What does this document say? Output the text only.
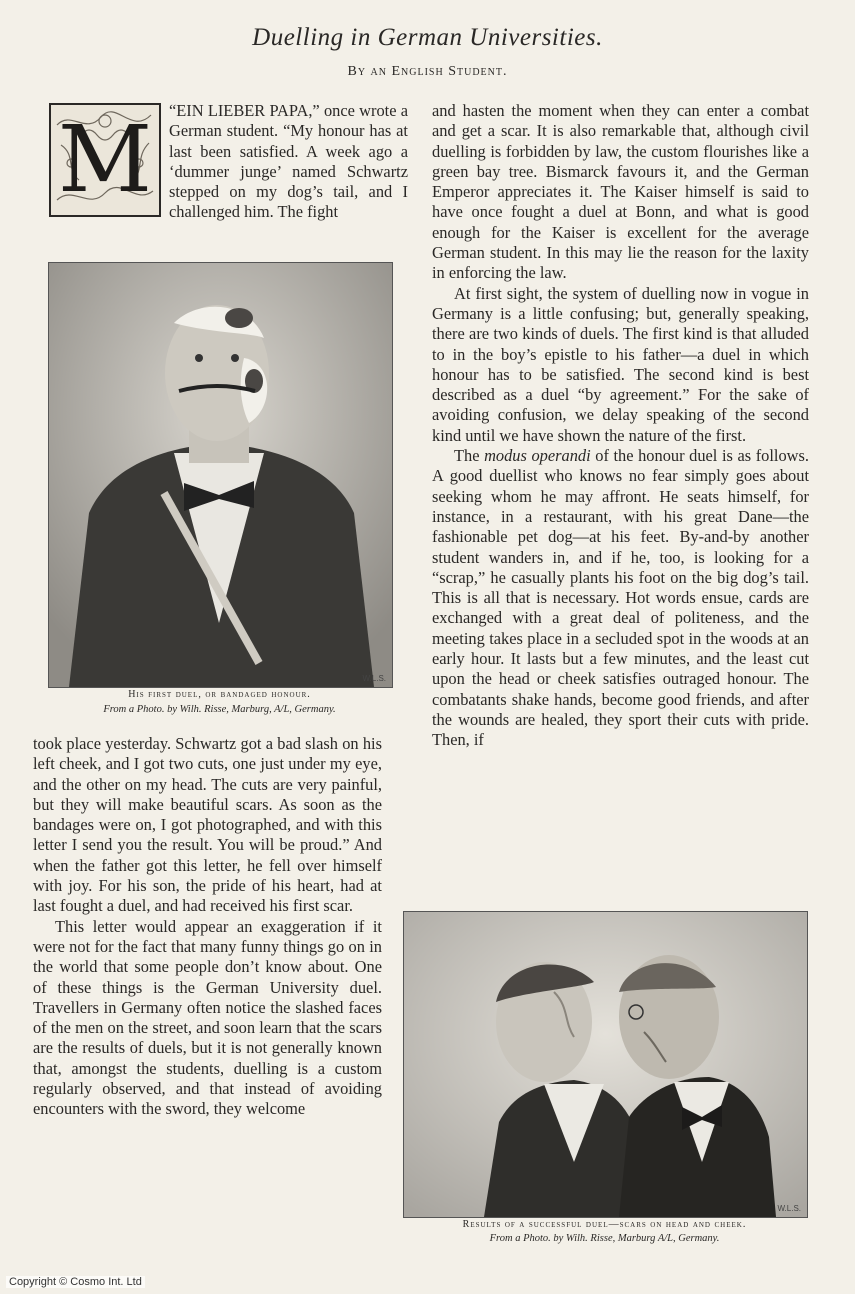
Duelling in German Universities.
By an English Student.
M	“EIN LIEBER PAPA,” once wrote a German student. “My honour has at last been satisfied. A week ago a ‘dummer junge’ named Schwartz stepped on my dog’s tail, and I challenged him. The fight

W.L.S.
His first duel, or bandaged honour.
From a Photo. by Wilh. Risse, Marburg, A/L, Germany.

took place yesterday. Schwartz got a bad slash on his left cheek, and I got two cuts, one just under my eye, and the other on my head. The cuts are very painful, but they will make beautiful scars. As soon as the bandages were on, I got photographed, and with this letter I send you the result. You will be proud.” And when the father got this letter, he fell over himself with joy. For his son, the pride of his heart, had at last fought a duel, and had received his first scar.

This letter would appear an exaggeration if it were not for the fact that many funny things go on in the world that some people don’t know about. One of these things is the German University duel. Travellers in Germany often notice the slashed faces of the men on the street, and soon learn that the scars are the results of duels, but it is not generally known that, amongst the students, duelling is a custom regularly observed, and that instead of avoiding encounters with the sword, they welcome

and hasten the moment when they can enter a combat and get a scar. It is also remarkable that, although civil duelling is forbidden by law, the custom flourishes like a green bay tree. Bismarck favours it, and the German Emperor appreciates it. The Kaiser himself is said to have once fought a duel at Bonn, and what is good enough for the Kaiser is excellent for the average German student. In this may lie the reason for the laxity in enforcing the law.

At first sight, the system of duelling now in vogue in Germany is a little confusing; but, generally speaking, there are two kinds of duels. The first kind is that alluded to in the boy’s epistle to his father—a duel in which honour has to be satisfied. The second kind is best described as a duel “by agreement.” For the sake of avoiding confusion, we delay speaking of the second kind until we have shown the nature of the first.

The modus operandi of the honour duel is as follows. A good duellist who knows no fear simply goes about seeking whom he may affront. He seats himself, for instance, in a restaurant, with his great Dane—the fashionable pet dog—at his feet. By-and-by another student wanders in, and if he, too, is looking for a “scrap,” he casually plants his foot on the big dog’s tail. This is all that is necessary. Hot words ensue, cards are exchanged with a great deal of politeness, and the meeting takes place in a secluded spot in the woods at an early hour. It lasts but a few minutes, and the least cut upon the head or cheek satisfies outraged honour. The combatants shake hands, become good friends, and after the wounds are healed, they sport their cuts with pride. Then, if

W.L.S.
Results of a successful duel—scars on head and cheek.
From a Photo. by Wilh. Risse, Marburg A/L, Germany.
Copyright © Cosmo Int. Ltd
